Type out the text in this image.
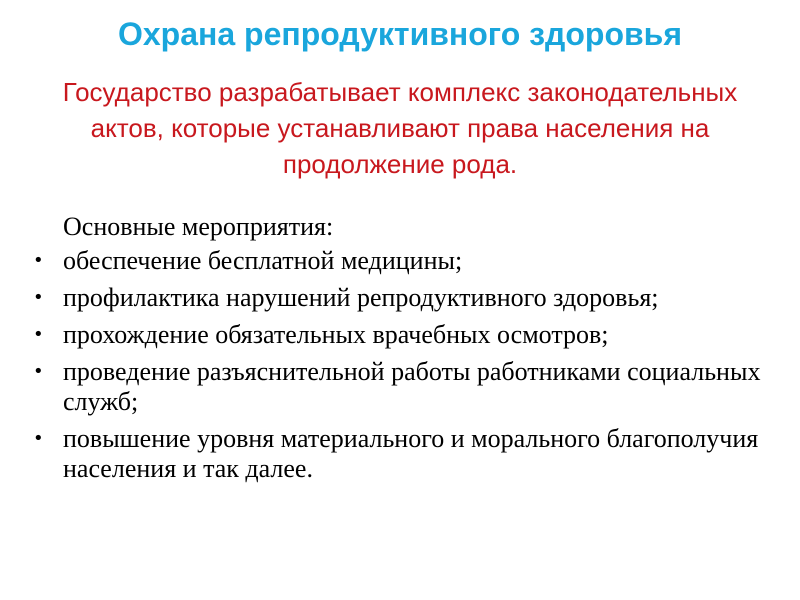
Охрана репродуктивного здоровья

Государство разрабатывает комплекс законодательных актов, которые устанавливают права населения на продолжение рода.

Основные мероприятия:

• обеспечение бесплатной медицины;
• профилактика нарушений репродуктивного здоровья;
• прохождение обязательных врачебных осмотров;
• проведение разъяснительной работы работниками социальных служб;
• повышение уровня материального и морального благополучия населения и так далее.
